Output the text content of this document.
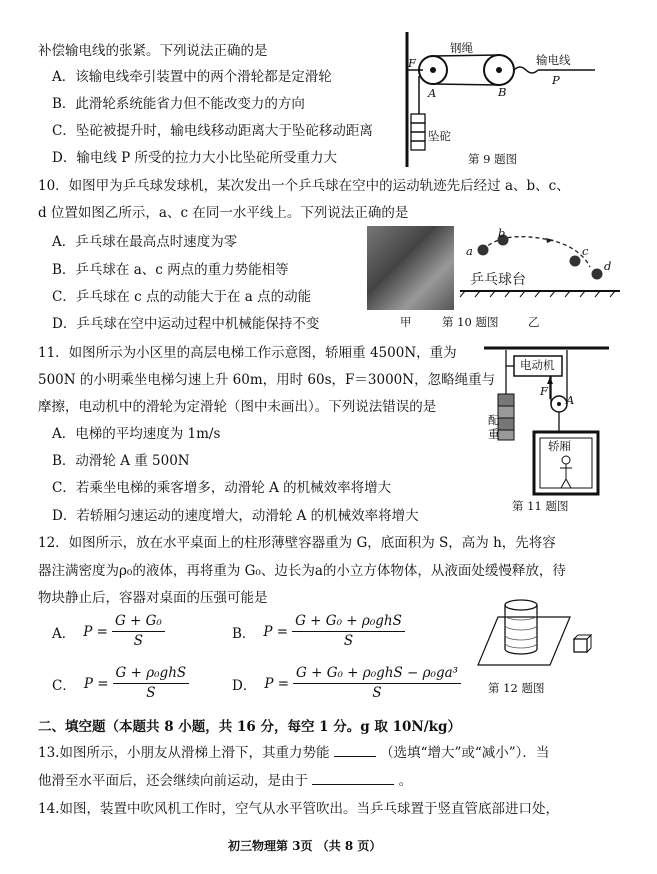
补偿输电线的张紧。下列说法正确的是
A．该输电线牵引装置中的两个滑轮都是定滑轮
B．此滑轮系统能省力但不能改变力的方向
C．坠砣被提升时，输电线移动距离大于坠砣移动距离
D．输电线 P 所受的拉力大小比坠砣所受重力大
F
钢绳
输电线
A	B
P
坠砣
第 9 题图
10．如图甲为乒乓球发球机，某次发出一个乒乓球在空中的运动轨迹先后经过 a、b、c、
d 位置如图乙所示，a、c 在同一水平线上。下列说法正确的是
A．乒乓球在最高点时速度为零
B．乒乓球在 a、c 两点的重力势能相等
C．乒乓球在 c 点的动能大于在 a 点的动能
D．乒乓球在空中运动过程中机械能保持不变
a
b
c
d
乒乓球台
甲	第 10 题图	乙
11．如图所示为小区里的高层电梯工作示意图，轿厢重 4500N，重为
500N 的小明乘坐电梯匀速上升 60m，用时 60s，F＝3000N，忽略绳重与
摩擦，电动机中的滑轮为定滑轮（图中未画出）。下列说法错误的是
A．电梯的平均速度为 1m/s
B．动滑轮 A 重 500N
C．若乘坐电梯的乘客增多，动滑轮 A 的机械效率将增大
D．若轿厢匀速运动的速度增大，动滑轮 A 的机械效率将增大
电动机
F
A
配
重
轿厢
第 11 题图
12．如图所示，放在水平桌面上的柱形薄壁容器重为 G，底面积为 S，高为 h，先将容
器注满密度为ρ₀的液体，再将重为 G₀、边长为a的小立方体物体，从液面处缓慢释放，待
物块静止后，容器对桌面的压强可能是
A． $P = \frac{\text{G + G₀}}{S}$	B． $P = \frac{\text{G + G₀ + ρ₀ghS}}{S}$
C． $P = \frac{\text{G + ρ₀ghS}}{S}$	D． $P = \frac{\text{G + G₀ + ρ₀ghS − ρ₀ga³}}{S}$ 第 12 题图
二、填空题（本题共 8 小题，共 16 分，每空 1 分。g 取 10N/kg）
13.如图所示，小朋友从滑梯上滑下，其重力势能	（选填“增大”或“减小”）．当
他滑至水平面后，还会继续向前运动，是由于	。
14.如图，装置中吹风机工作时，空气从水平管吹出。当乒乓球置于竖直管底部进口处，
初三物理第 3页 （共 8 页）
